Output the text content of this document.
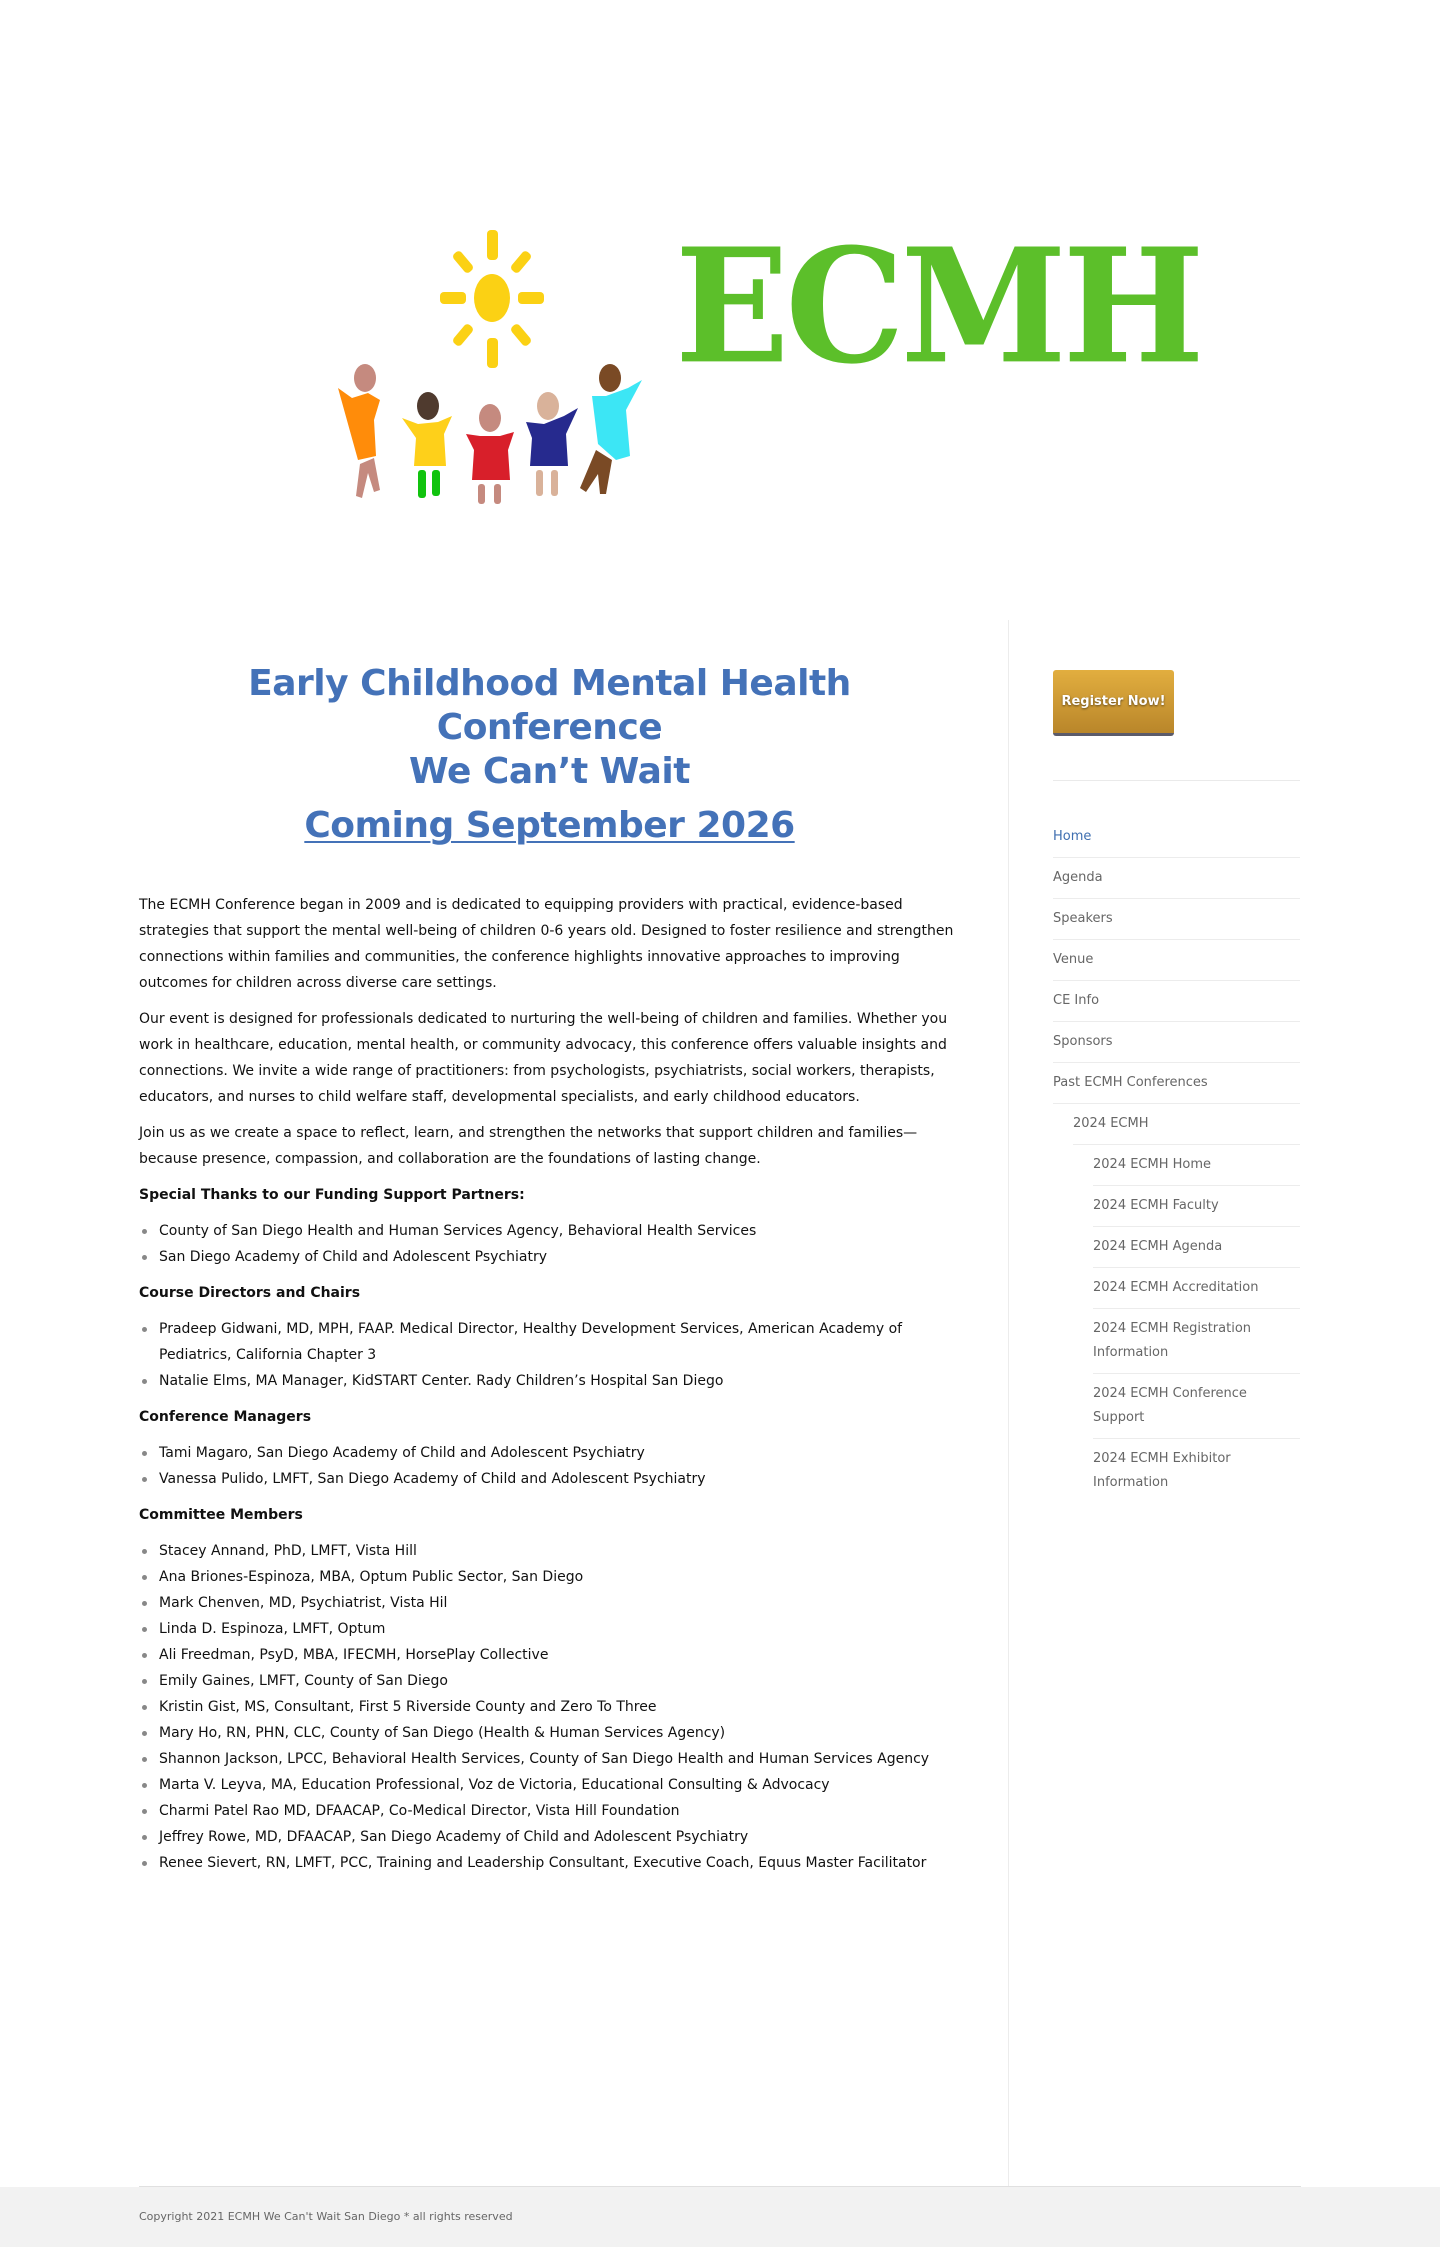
ECMH
Early Childhood Mental Health Conference
We Can’t Wait
Coming September 2026

The ECMH Conference began in 2009 and is dedicated to equipping providers with practical, evidence-based strategies that support the mental well-being of children 0-6 years old. Designed to foster resilience and strengthen connections within families and communities, the conference highlights innovative approaches to improving outcomes for children across diverse care settings.

Our event is designed for professionals dedicated to nurturing the well-being of children and families. Whether you work in healthcare, education, mental health, or community advocacy, this conference offers valuable insights and connections. We invite a wide range of practitioners: from psychologists, psychiatrists, social workers, therapists, educators, and nurses to child welfare staff, developmental specialists, and early childhood educators.

Join us as we create a space to reflect, learn, and strengthen the networks that support children and families—because presence, compassion, and collaboration are the foundations of lasting change.

Special Thanks to our Funding Support Partners:
County of San Diego Health and Human Services Agency, Behavioral Health Services
San Diego Academy of Child and Adolescent Psychiatry
Course Directors and Chairs
Pradeep Gidwani, MD, MPH, FAAP. Medical Director, Healthy Development Services, American Academy of Pediatrics, California Chapter 3
Natalie Elms, MA Manager, KidSTART Center. Rady Children’s Hospital San Diego
Conference Managers
Tami Magaro, San Diego Academy of Child and Adolescent Psychiatry
Vanessa Pulido, LMFT, San Diego Academy of Child and Adolescent Psychiatry
Committee Members
Stacey Annand, PhD, LMFT, Vista Hill
Ana Briones-Espinoza, MBA, Optum Public Sector, San Diego
Mark Chenven, MD, Psychiatrist, Vista Hil
Linda D. Espinoza, LMFT, Optum
Ali Freedman, PsyD, MBA, IFECMH, HorsePlay Collective
Emily Gaines, LMFT, County of San Diego
Kristin Gist, MS, Consultant, First 5 Riverside County and Zero To Three
Mary Ho, RN, PHN, CLC, County of San Diego (Health & Human Services Agency)
Shannon Jackson, LPCC, Behavioral Health Services, County of San Diego Health and Human Services Agency
Marta V. Leyva, MA, Education Professional, Voz de Victoria, Educational Consulting & Advocacy
Charmi Patel Rao MD, DFAACAP, Co-Medical Director, Vista Hill Foundation
Jeffrey Rowe, MD, DFAACAP, San Diego Academy of Child and Adolescent Psychiatry
Renee Sievert, RN, LMFT, PCC, Training and Leadership Consultant, Executive Coach, Equus Master Facilitator
Register Now!
Home
Agenda
Speakers
Venue
CE Info
Sponsors
Past ECMH Conferences
2024 ECMH
2024 ECMH Home
2024 ECMH Faculty
2024 ECMH Agenda
2024 ECMH Accreditation
2024 ECMH Registration Information
2024 ECMH Conference Support
2024 ECMH Exhibitor Information
Copyright 2021 ECMH We Can't Wait San Diego * all rights reserved
